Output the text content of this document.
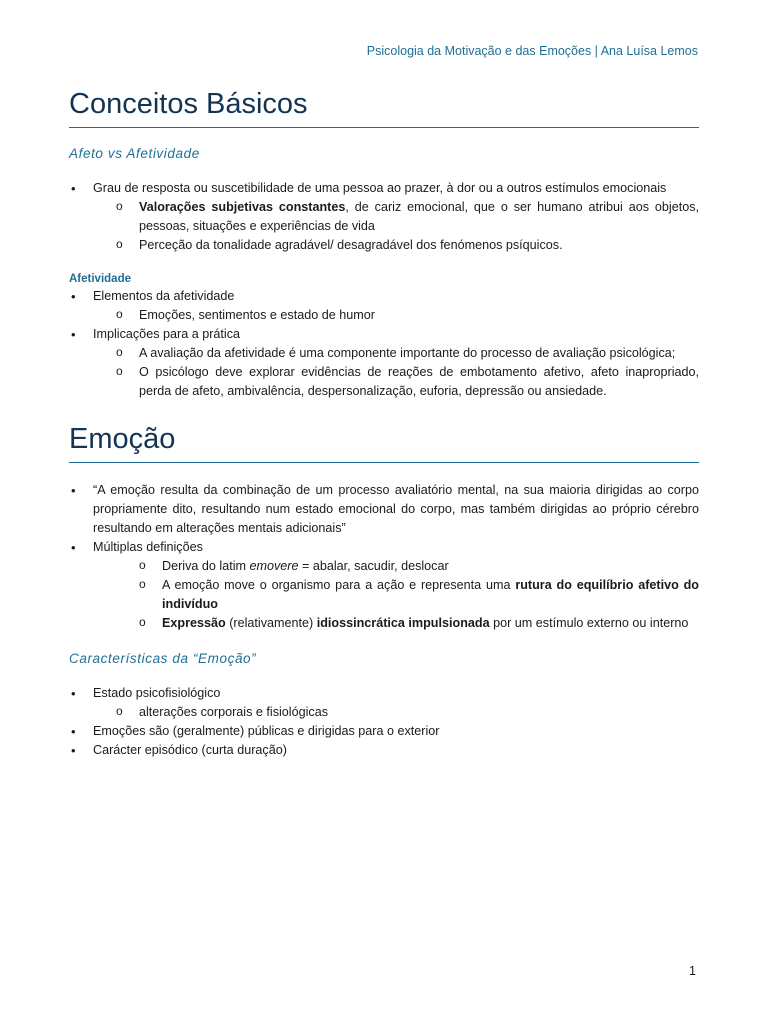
Psicologia da Motivação e das Emoções | Ana Luísa Lemos
Conceitos Básicos
Afeto vs Afetividade
• Grau de resposta ou suscetibilidade de uma pessoa ao prazer, à dor ou a outros estímulos emocionais
o Valorações subjetivas constantes, de cariz emocional, que o ser humano atribui aos objetos, pessoas, situações e experiências de vida
o Perceção da tonalidade agradável/ desagradável dos fenómenos psíquicos.
Afetividade
• Elementos da afetividade
o Emoções, sentimentos e estado de humor
• Implicações para a prática
o A avaliação da afetividade é uma componente importante do processo de avaliação psicológica;
o O psicólogo deve explorar evidências de reações de embotamento afetivo, afeto inapropriado, perda de afeto, ambivalência, despersonalização, euforia, depressão ou ansiedade.
Emoção
• “A emoção resulta da combinação de um processo avaliatório mental, na sua maioria dirigidas ao corpo propriamente dito, resultando num estado emocional do corpo, mas também dirigidas ao próprio cérebro resultando em alterações mentais adicionais”
• Múltiplas definições
o Deriva do latim emovere = abalar, sacudir, deslocar
o A emoção move o organismo para a ação e representa uma rutura do equilíbrio afetivo do indivíduo
o Expressão (relativamente) idiossincrática impulsionada por um estímulo externo ou interno
Características da “Emoção”
• Estado psicofisiológico
o alterações corporais e fisiológicas
• Emoções são (geralmente) públicas e dirigidas para o exterior
• Carácter episódico (curta duração)
1
